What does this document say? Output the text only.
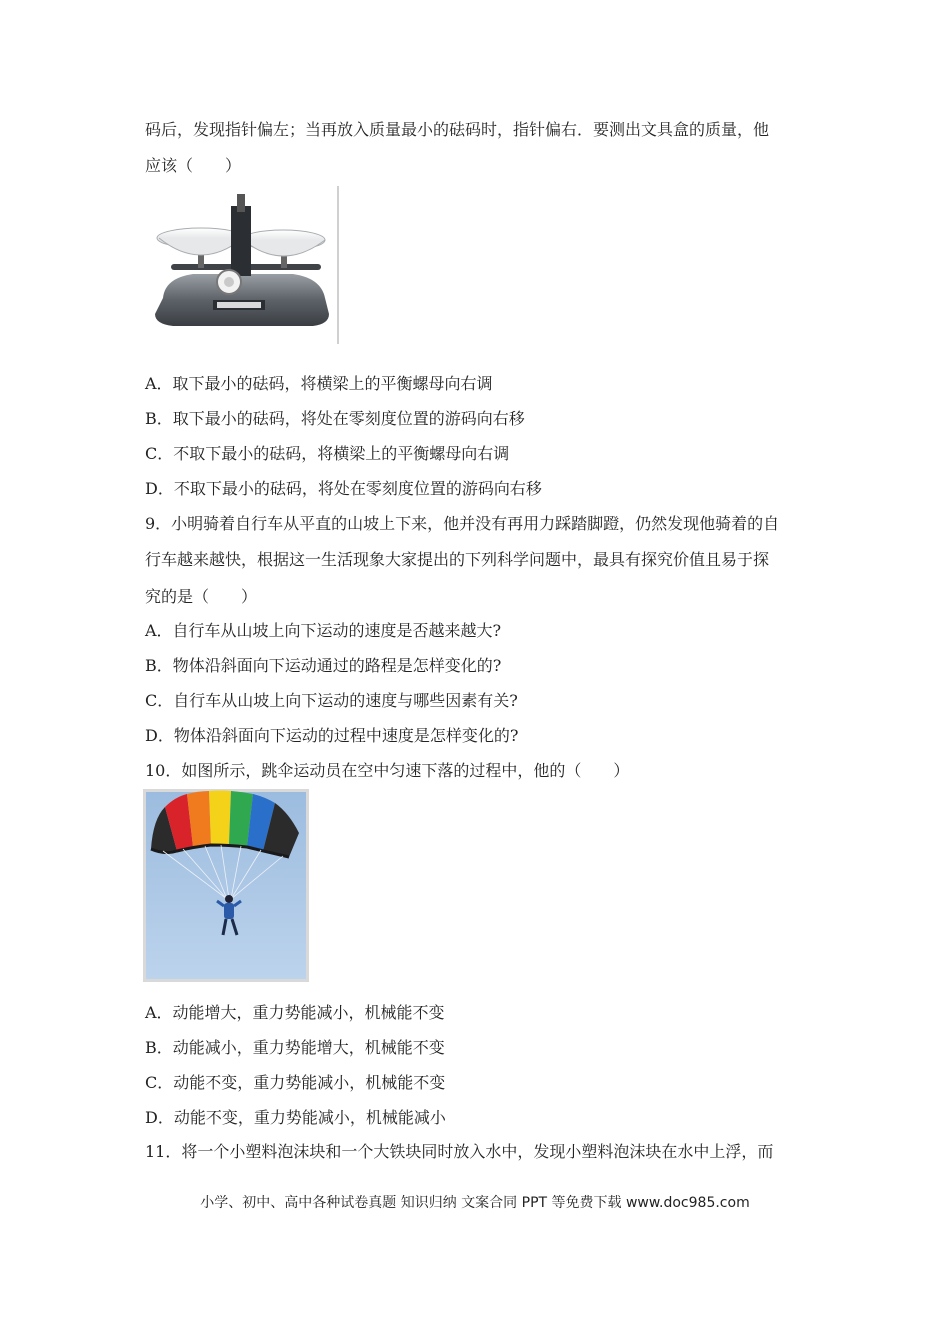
码后，发现指针偏左；当再放入质量最小的砝码时，指针偏右．要测出文具盒的质量，他
应该（　　）
A．取下最小的砝码，将横梁上的平衡螺母向右调
B．取下最小的砝码，将处在零刻度位置的游码向右移
C．不取下最小的砝码，将横梁上的平衡螺母向右调
D．不取下最小的砝码，将处在零刻度位置的游码向右移
9．小明骑着自行车从平直的山坡上下来，他并没有再用力踩踏脚蹬，仍然发现他骑着的自
行车越来越快，根据这一生活现象大家提出的下列科学问题中，最具有探究价值且易于探
究的是（　　）
A．自行车从山坡上向下运动的速度是否越来越大?
B．物体沿斜面向下运动通过的路程是怎样变化的?
C．自行车从山坡上向下运动的速度与哪些因素有关?
D．物体沿斜面向下运动的过程中速度是怎样变化的?
10．如图所示，跳伞运动员在空中匀速下落的过程中，他的（　　）
A．动能增大，重力势能减小，机械能不变
B．动能减小，重力势能增大，机械能不变
C．动能不变，重力势能减小，机械能不变
D．动能不变，重力势能减小，机械能减小
11．将一个小塑料泡沫块和一个大铁块同时放入水中，发现小塑料泡沫块在水中上浮，而
小学、初中、高中各种试卷真题 知识归纳 文案合同 PPT 等免费下载 www.doc985.com
